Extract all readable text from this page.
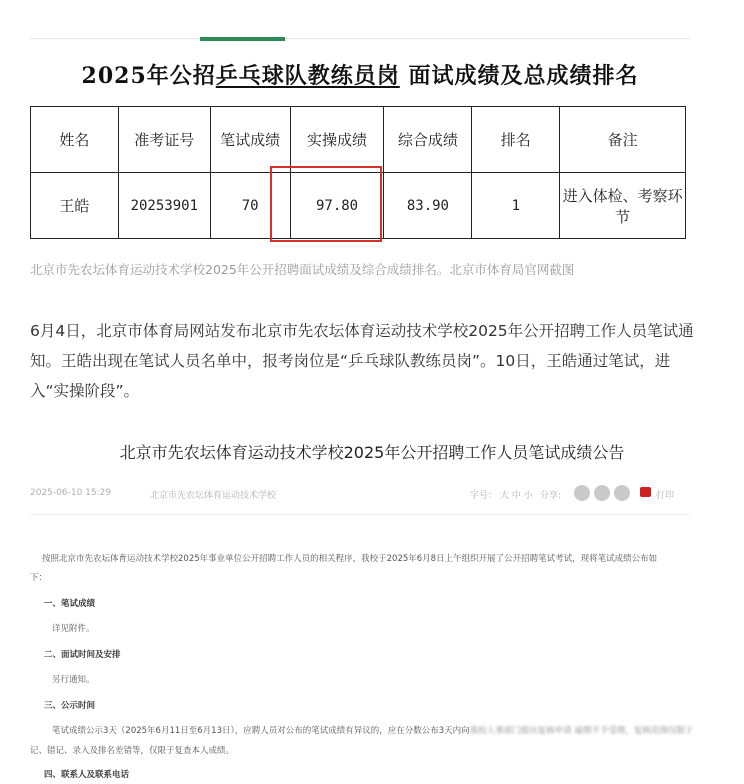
2025年公招乒乓球队教练员岗 面试成绩及总成绩排名
姓名	准考证号	笔试成绩	实操成绩	综合成绩	排名	备注
王皓	20253901	70	97.80	83.90	1	进入体检、考察环节
北京市先农坛体育运动技术学校2025年公开招聘面试成绩及综合成绩排名。北京市体育局官网截图
6月4日，北京市体育局网站发布北京市先农坛体育运动技术学校2025年公开招聘工作人员笔试通知。王皓出现在笔试人员名单中，报考岗位是“乒乓球队教练员岗”。10日，王皓通过笔试，进入“实操阶段”。
北京市先农坛体育运动技术学校2025年公开招聘工作人员笔试成绩公告
2025-06-10 15:29	北京市先农坛体育运动技术学校	字号： 大 中 小 分享:	打印
按照北京市先农坛体育运动技术学校2025年事业单位公开招聘工作人员的相关程序，我校于2025年6月8日上午组织开展了公开招聘笔试考试，现将笔试成绩公布如
下：
一、笔试成绩
详见附件。
二、面试时间及安排
另行通知。
三、公示时间
笔试成绩公示3天（2025年6月11日至6月13日），应聘人员对公布的笔试成绩有异议的，应在分数公布3天内向我校人事部门提出复核申请 逾期不予受理。复核范围仅限于
记、错记、录入及排名差错等，仅限于复查本人成绩。
四、联系人及联系电话
